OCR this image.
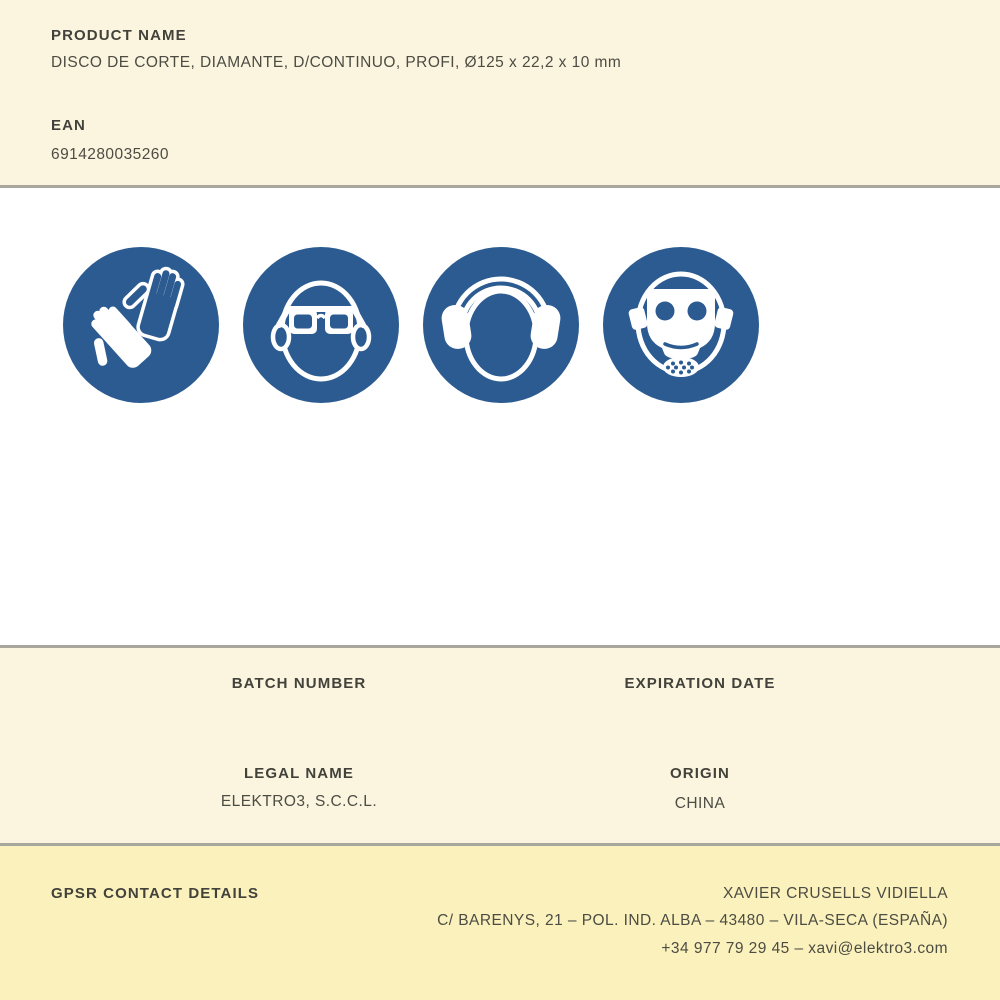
PRODUCT NAME
DISCO DE CORTE, DIAMANTE, D/CONTINUO, PROFI, Ø125 x 22,2 x 10 mm
EAN
6914280035260
BATCH NUMBER	EXPIRATION DATE
LEGAL NAME
ELEKTRO3, S.C.C.L.
ORIGIN
CHINA
GPSR CONTACT DETAILS	XAVIER CRUSELLS VIDIELLA
C/ BARENYS, 21 – POL. IND. ALBA – 43480 – VILA-SECA (ESPAÑA)
+34 977 79 29 45 – xavi@elektro3.com
